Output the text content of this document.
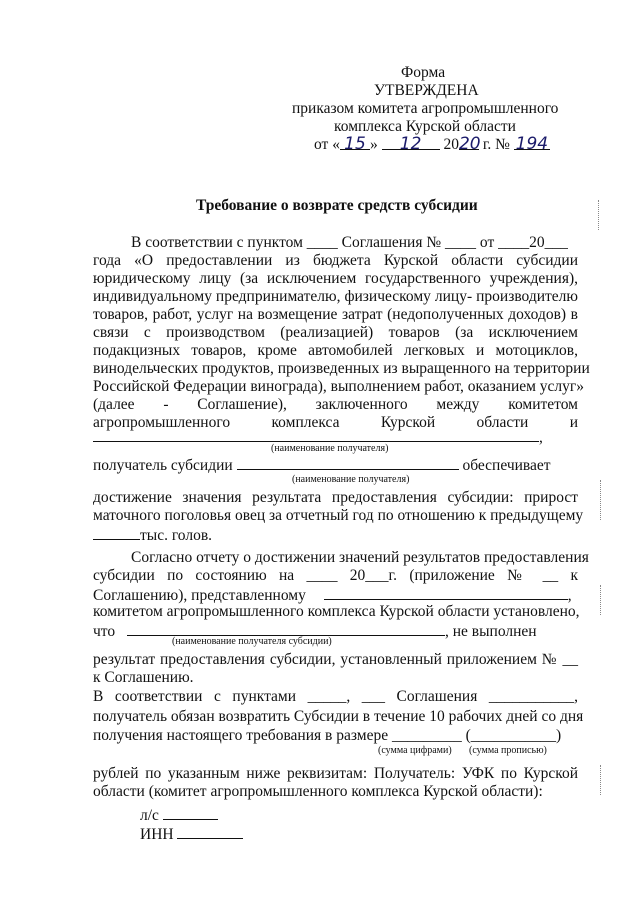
Форма
УТВЕРЖДЕНА
приказом комитета агропромышленного
комплекса Курской области
от « 15 » 12 2020 г. № 194
Требование о возврате средств субсидии
В соответствии с пунктом ____ Соглашения № ____ от ____20___
года «О предоставлении из бюджета Курской области субсидии
юридическому лицу (за исключением государственного учреждения),
индивидуальному предпринимателю, физическому лицу- производителю
товаров, работ, услуг на возмещение затрат (недополученных доходов) в
связи с производством (реализацией) товаров (за исключением
подакцизных товаров, кроме автомобилей легковых и мотоциклов,
винодельческих продуктов, произведенных из выращенного на территории
Российской Федерации винограда), выполнением работ, оказанием услуг»
(далее - Соглашение), заключенного между комитетом
агропромышленного комплекса Курской области и
,
(наименование получателя)
получатель субсидии	обеспечивает
(наименование получателя)
достижение значения результата предоставления субсидии: прирост
маточного поголовья овец за отчетный год по отношению к предыдущему
тыс. голов.
Согласно отчету о достижении значений результатов предоставления
субсидии по состоянию на ____ 20___г. (приложение № __ к
Соглашению), представленному	,
комитетом агропромышленного комплекса Курской области установлено,
что	, не выполнен
(наименование получателя субсидии)
результат предоставления субсидии, установленный приложением № __
к Соглашению.
В соответствии с пунктами _____, ___ Соглашения ___________,
получатель обязан возвратить Субсидии в течение 10 рабочих дней со дня
получения настоящего требования в размере _________ (___________)
(сумма цифрами) (сумма прописью)
рублей по указанным ниже реквизитам: Получатель: УФК по Курской
области (комитет агропромышленного комплекса Курской области):
л/с
ИНН
